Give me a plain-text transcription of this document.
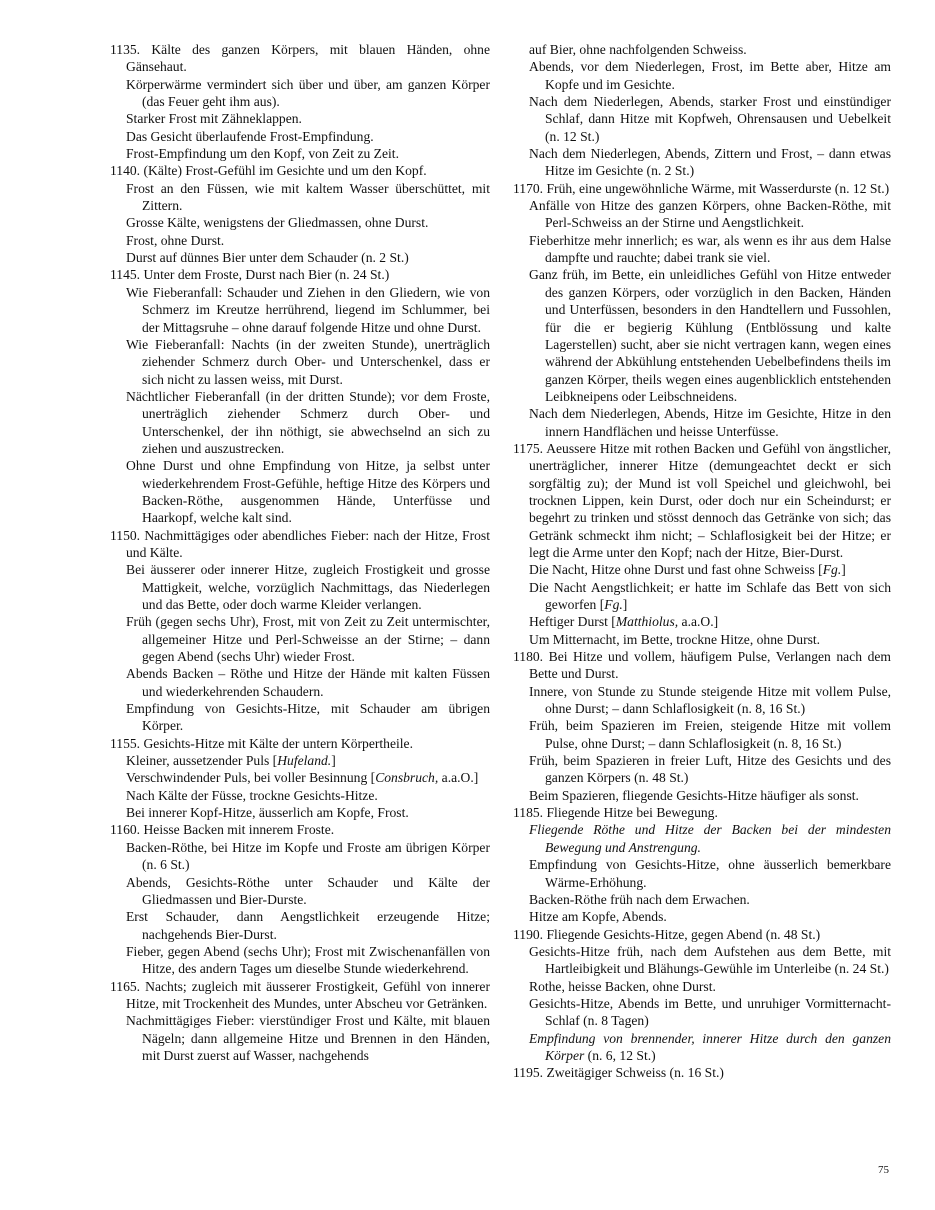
1135. Kälte des ganzen Körpers, mit blauen Händen, ohne Gänsehaut.
Körperwärme vermindert sich über und über, am ganzen Körper (das Feuer geht ihm aus).
Starker Frost mit Zähneklappen.
Das Gesicht überlaufende Frost-Empfindung.
Frost-Empfindung um den Kopf, von Zeit zu Zeit.
1140. (Kälte) Frost-Gefühl im Gesichte und um den Kopf.
Frost an den Füssen, wie mit kaltem Wasser überschüttet, mit Zittern.
Grosse Kälte, wenigstens der Gliedmassen, ohne Durst.
Frost, ohne Durst.
Durst auf dünnes Bier unter dem Schauder (n. 2 St.)
1145. Unter dem Froste, Durst nach Bier (n. 24 St.)
Wie Fieberanfall: Schauder und Ziehen in den Gliedern, wie von Schmerz im Kreutze herrührend, liegend im Schlummer, bei der Mittagsruhe – ohne darauf folgende Hitze und ohne Durst.
Wie Fieberanfall: Nachts (in der zweiten Stunde), unerträglich ziehender Schmerz durch Ober- und Unterschenkel, dass er sich nicht zu lassen weiss, mit Durst.
Nächtlicher Fieberanfall (in der dritten Stunde); vor dem Froste, unerträglich ziehender Schmerz durch Ober- und Unterschenkel, der ihn nöthigt, sie abwechselnd an sich zu ziehen und auszustrecken.
Ohne Durst und ohne Empfindung von Hitze, ja selbst unter wiederkehrendem Frost-Gefühle, heftige Hitze des Körpers und Backen-Röthe, ausgenommen Hände, Unterfüsse und Haarkopf, welche kalt sind.
1150. Nachmittägiges oder abendliches Fieber: nach der Hitze, Frost und Kälte.
Bei äusserer oder innerer Hitze, zugleich Frostigkeit und grosse Mattigkeit, welche, vorzüglich Nachmittags, das Niederlegen und das Bette, oder doch warme Kleider verlangen.
Früh (gegen sechs Uhr), Frost, mit von Zeit zu Zeit untermischter, allgemeiner Hitze und Perl-Schweisse an der Stirne; – dann gegen Abend (sechs Uhr) wieder Frost.
Abends Backen – Röthe und Hitze der Hände mit kalten Füssen und wiederkehrenden Schaudern.
Empfindung von Gesichts-Hitze, mit Schauder am übrigen Körper.
1155. Gesichts-Hitze mit Kälte der untern Körpertheile.
Kleiner, aussetzender Puls [Hufeland.]
Verschwindender Puls, bei voller Besinnung [Consbruch, a.a.O.]
Nach Kälte der Füsse, trockne Gesichts-Hitze.
Bei innerer Kopf-Hitze, äusserlich am Kopfe, Frost.
1160. Heisse Backen mit innerem Froste.
Backen-Röthe, bei Hitze im Kopfe und Froste am übrigen Körper (n. 6 St.)
Abends, Gesichts-Röthe unter Schauder und Kälte der Gliedmassen und Bier-Durste.
Erst Schauder, dann Aengstlichkeit erzeugende Hitze; nachgehends Bier-Durst.
Fieber, gegen Abend (sechs Uhr); Frost mit Zwischenanfällen von Hitze, des andern Tages um dieselbe Stunde wiederkehrend.
1165. Nachts; zugleich mit äusserer Frostigkeit, Gefühl von innerer Hitze, mit Trockenheit des Mundes, unter Abscheu vor Getränken.
Nachmittägiges Fieber: vierstündiger Frost und Kälte, mit blauen Nägeln; dann allgemeine Hitze und Brennen in den Händen, mit Durst zuerst auf Wasser, nachgehends
auf Bier, ohne nachfolgenden Schweiss.
Abends, vor dem Niederlegen, Frost, im Bette aber, Hitze am Kopfe und im Gesichte.
Nach dem Niederlegen, Abends, starker Frost und einstündiger Schlaf, dann Hitze mit Kopfweh, Ohrensausen und Uebelkeit (n. 12 St.)
Nach dem Niederlegen, Abends, Zittern und Frost, – dann etwas Hitze im Gesichte (n. 2 St.)
1170. Früh, eine ungewöhnliche Wärme, mit Wasserdurste (n. 12 St.)
Anfälle von Hitze des ganzen Körpers, ohne Backen-Röthe, mit Perl-Schweiss an der Stirne und Aengstlichkeit.
Fieberhitze mehr innerlich; es war, als wenn es ihr aus dem Halse dampfte und rauchte; dabei trank sie viel.
Ganz früh, im Bette, ein unleidliches Gefühl von Hitze entweder des ganzen Körpers, oder vorzüglich in den Backen, Händen und Unterfüssen, besonders in den Handtellern und Fussohlen, für die er begierig Kühlung (Entblössung und kalte Lagerstellen) sucht, aber sie nicht vertragen kann, wegen eines während der Abkühlung entstehenden Uebelbefindens theils im ganzen Körper, theils wegen eines augenblicklich entstehenden Leibkneipens oder Leibschneidens.
Nach dem Niederlegen, Abends, Hitze im Gesichte, Hitze in den innern Handflächen und heisse Unterfüsse.
1175. Aeussere Hitze mit rothen Backen und Gefühl von ängstlicher, unerträglicher, innerer Hitze (demungeachtet deckt er sich sorgfältig zu); der Mund ist voll Speichel und gleichwohl, bei trocknen Lippen, kein Durst, oder doch nur ein Scheindurst; er begehrt zu trinken und stösst dennoch das Getränke von sich; das Getränk schmeckt ihm nicht; – Schlaflosigkeit bei der Hitze; er legt die Arme unter den Kopf; nach der Hitze, Bier-Durst.
Die Nacht, Hitze ohne Durst und fast ohne Schweiss [Fg.]
Die Nacht Aengstlichkeit; er hatte im Schlafe das Bett von sich geworfen [Fg.]
Heftiger Durst [Matthiolus, a.a.O.]
Um Mitternacht, im Bette, trockne Hitze, ohne Durst.
1180. Bei Hitze und vollem, häufigem Pulse, Verlangen nach dem Bette und Durst.
Innere, von Stunde zu Stunde steigende Hitze mit vollem Pulse, ohne Durst; – dann Schlaflosigkeit (n. 8, 16 St.)
Früh, beim Spazieren im Freien, steigende Hitze mit vollem Pulse, ohne Durst; – dann Schlaflosigkeit (n. 8, 16 St.)
Früh, beim Spazieren in freier Luft, Hitze des Gesichts und des ganzen Körpers (n. 48 St.)
Beim Spazieren, fliegende Gesichts-Hitze häufiger als sonst.
1185. Fliegende Hitze bei Bewegung.
Fliegende Röthe und Hitze der Backen bei der mindesten Bewegung und Anstrengung.
Empfindung von Gesichts-Hitze, ohne äusserlich bemerkbare Wärme-Erhöhung.
Backen-Röthe früh nach dem Erwachen.
Hitze am Kopfe, Abends.
1190. Fliegende Gesichts-Hitze, gegen Abend (n. 48 St.)
Gesichts-Hitze früh, nach dem Aufstehen aus dem Bette, mit Hartleibigkeit und Blähungs-Gewühle im Unterleibe (n. 24 St.)
Rothe, heisse Backen, ohne Durst.
Gesichts-Hitze, Abends im Bette, und unruhiger Vormitternacht-Schlaf (n. 8 Tagen)
Empfindung von brennender, innerer Hitze durch den ganzen Körper (n. 6, 12 St.)
1195. Zweitägiger Schweiss (n. 16 St.)
75
